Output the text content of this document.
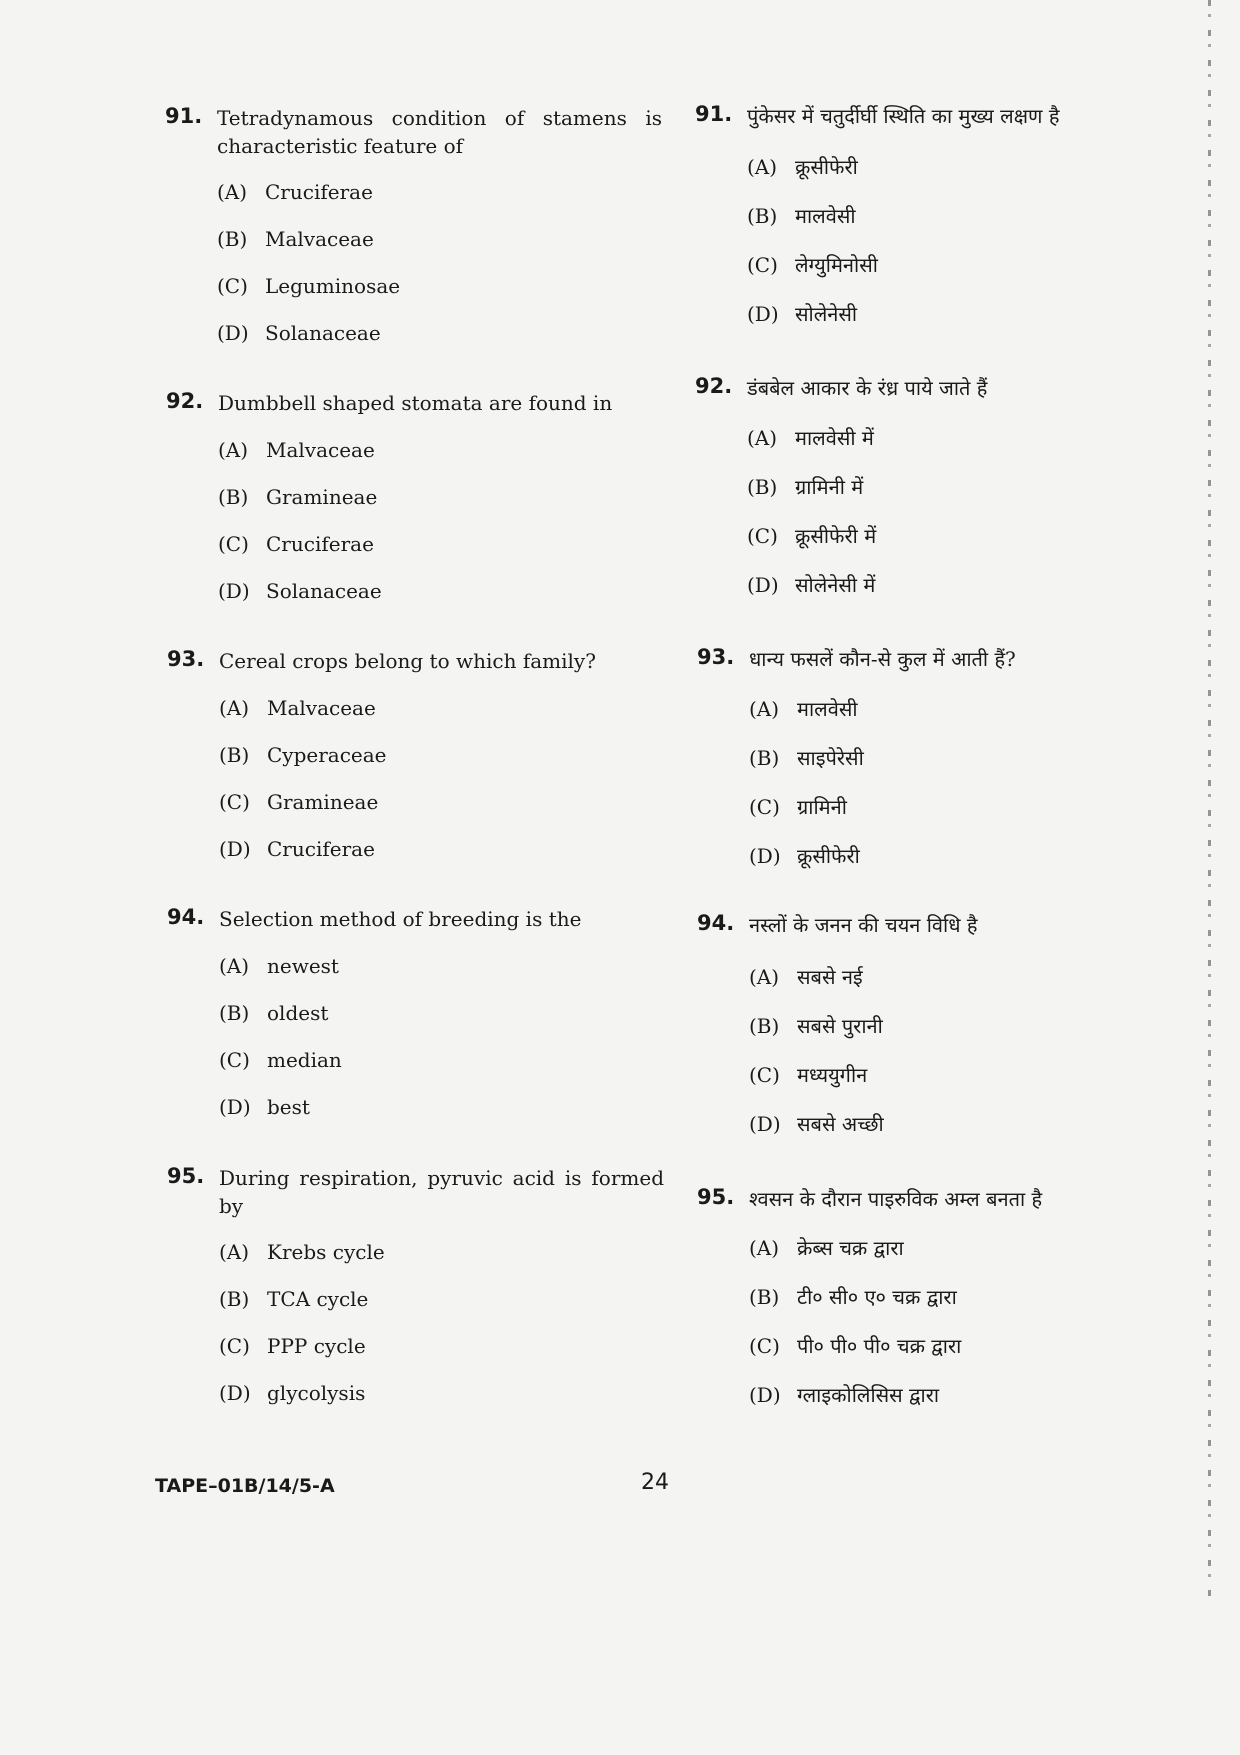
91. Tetradynamous condition of stamens is characteristic feature of
(A) Cruciferae
(B) Malvaceae
(C) Leguminosae
(D) Solanaceae
92. Dumbbell shaped stomata are found in
(A) Malvaceae
(B) Gramineae
(C) Cruciferae
(D) Solanaceae
93. Cereal crops belong to which family?
(A) Malvaceae
(B) Cyperaceae
(C) Gramineae
(D) Cruciferae
94. Selection method of breeding is the
(A) newest
(B) oldest
(C) median
(D) best
95. During respiration, pyruvic acid is formed by
(A) Krebs cycle
(B) TCA cycle
(C) PPP cycle
(D) glycolysis
91. पुंकेसर में चतुर्दीर्घी स्थिति का मुख्य लक्षण है
(A) क्रूसीफेरी
(B) मालवेसी
(C) लेग्युमिनोसी
(D) सोलेनेसी
92. डंबबेल आकार के रंध्र पाये जाते हैं
(A) मालवेसी में
(B) ग्रामिनी में
(C) क्रूसीफेरी में
(D) सोलेनेसी में
93. धान्य फसलें कौन-से कुल में आती हैं?
(A) मालवेसी
(B) साइपेरेसी
(C) ग्रामिनी
(D) क्रूसीफेरी
94. नस्लों के जनन की चयन विधि है
(A) सबसे नई
(B) सबसे पुरानी
(C) मध्ययुगीन
(D) सबसे अच्छी
95. श्वसन के दौरान पाइरुविक अम्ल बनता है
(A) क्रेब्स चक्र द्वारा
(B) टी० सी० ए० चक्र द्वारा
(C) पी० पी० पी० चक्र द्वारा
(D) ग्लाइकोलिसिस द्वारा
TAPE–01B/14/5-A	24
